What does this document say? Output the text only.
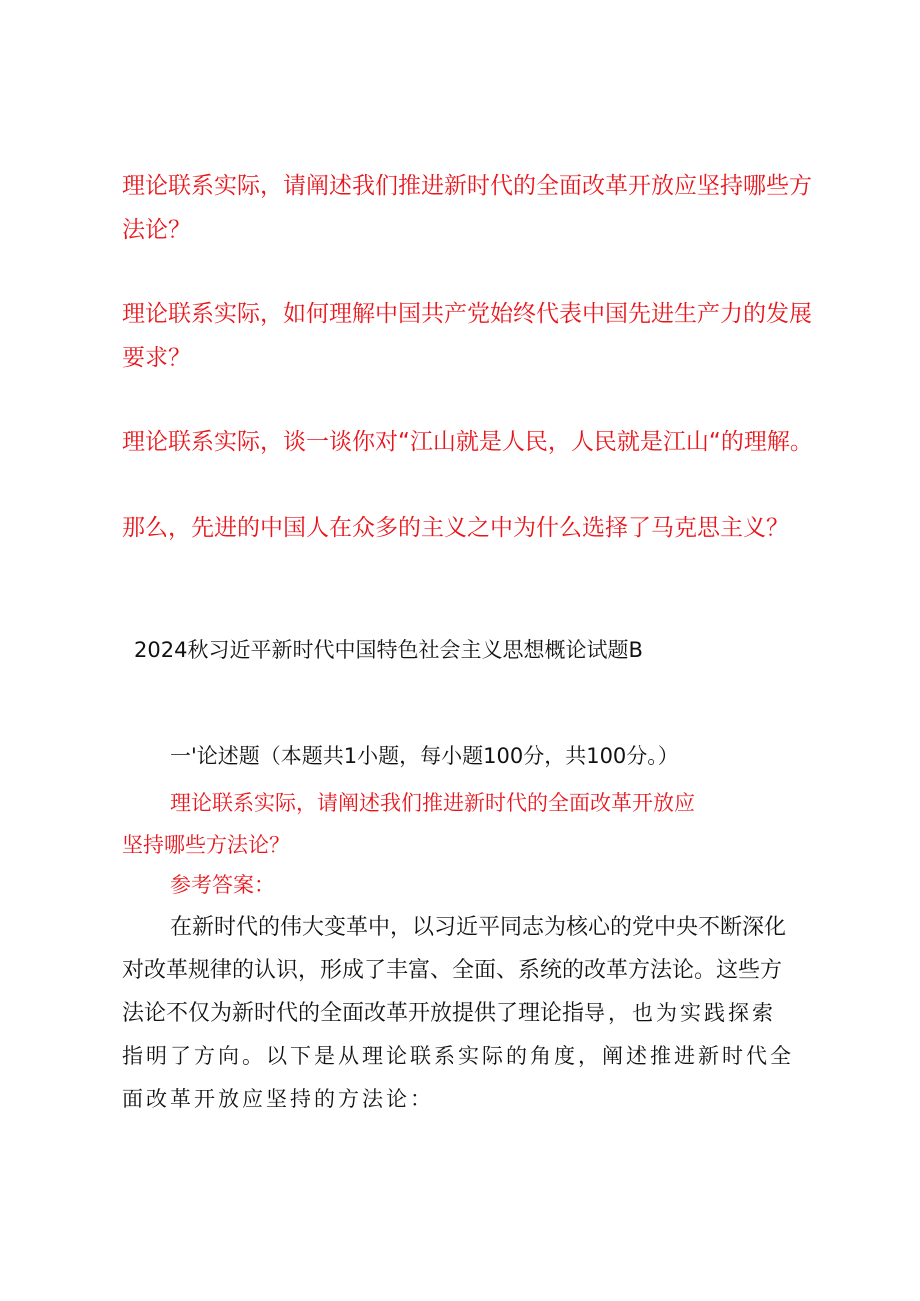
理论联系实际，请阐述我们推进新时代的全面改革开放应坚持哪些方
法论？
理论联系实际，如何理解中国共产党始终代表中国先进生产力的发展
要求？
理论联系实际，谈一谈你对“江山就是人民，人民就是江山“的理解。
那么，先进的中国人在众多的主义之中为什么选择了马克思主义？
2024秋习近平新时代中国特色社会主义思想概论试题B
一'论述题（本题共1小题，每小题100分，共100分。）
理论联系实际，请阐述我们推进新时代的全面改革开放应
坚持哪些方法论？
参考答案：
在新时代的伟大变革中，以习近平同志为核心的党中央不断深化
对改革规律的认识，形成了丰富、全面、系统的改革方法论。这些方
法论不仅为新时代的全面改革开放提供了理论指导，也为实践探索
指明了方向。以下是从理论联系实际的角度，阐述推进新时代全
面改革开放应坚持的方法论：
